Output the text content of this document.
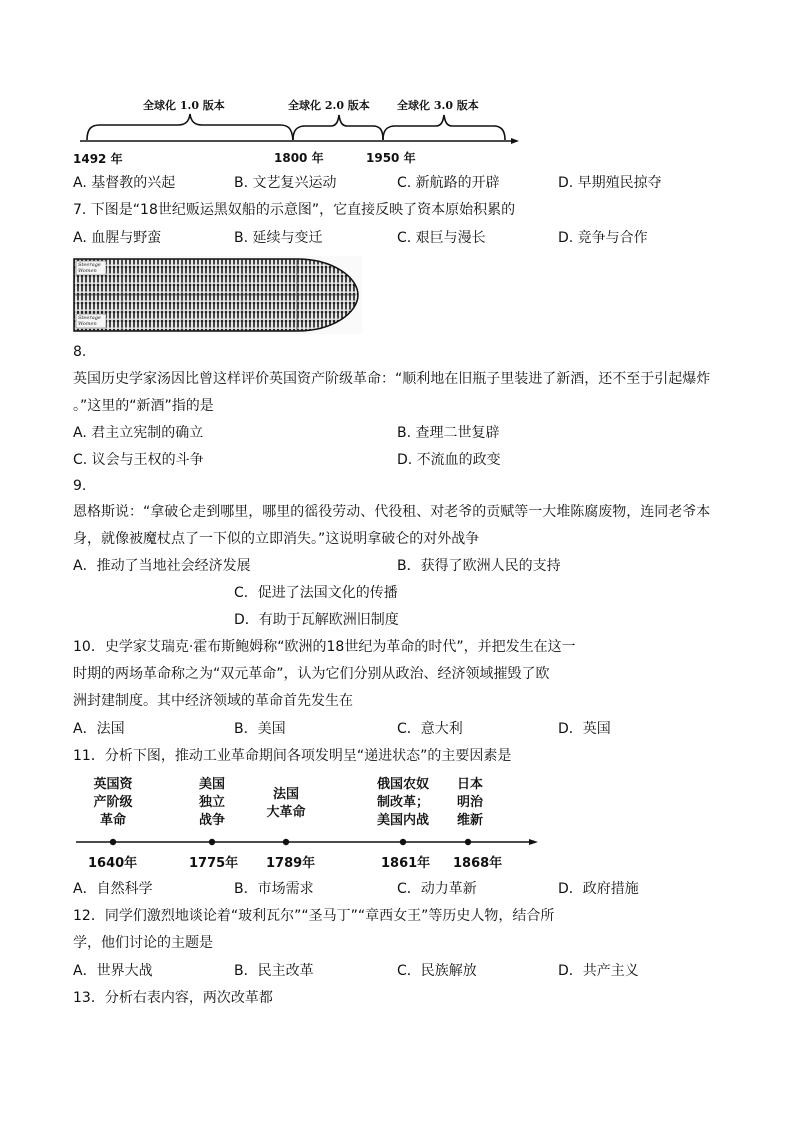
全球化 1.0 版本	全球化 2.0 版本 全球化 3.0 版本
1492 年	1800 年	1950 年
A. 基督教的兴起	B. 文艺复兴运动	C. 新航路的开辟	D. 早期殖民掠夺
7. 下图是“18世纪贩运黑奴船的示意图”，它直接反映了资本原始积累的
A. 血腥与野蛮	B. 延续与变迁	C. 艰巨与漫长	D. 竞争与合作
Steerage Women
Steerage Women
8.
英国历史学家汤因比曾这样评价英国资产阶级革命：“顺利地在旧瓶子里装进了新酒，还不至于引起爆炸
。”这里的“新酒”指的是
A. 君主立宪制的确立	B. 查理二世复辟
C. 议会与王权的斗争	D. 不流血的政变
9.
恩格斯说：“拿破仑走到哪里，哪里的徭役劳动、代役租、对老爷的贡赋等一大堆陈腐废物，连同老爷本
身，就像被魔杖点了一下似的立即消失。”这说明拿破仑的对外战争
A．推动了当地社会经济发展	B．获得了欧洲人民的支持
C．促进了法国文化的传播
D．有助于瓦解欧洲旧制度
10．史学家艾瑞克·霍布斯鲍姆称“欧洲的18世纪为革命的时代”，并把发生在这一
时期的两场革命称之为“双元革命”，认为它们分别从政治、经济领域摧毁了欧
洲封建制度。其中经济领域的革命首先发生在
A．法国	B．美国	C．意大利	D．英国
11．分析下图，推动工业革命期间各项发明呈“递进状态”的主要因素是
英国资
产阶级
革命
美国
独立
战争
法国
大革命
俄国农奴
制改革；
美国内战
日本
明治
维新
1640年	1775年 1789年	1861年 1868年
A．自然科学	B．市场需求	C．动力革新	D．政府措施
12．同学们激烈地谈论着“玻利瓦尔”“圣马丁”“章西女王”等历史人物，结合所
学，他们讨论的主题是
A．世界大战	B．民主改革	C．民族解放	D．共产主义
13．分析右表内容，两次改革都
